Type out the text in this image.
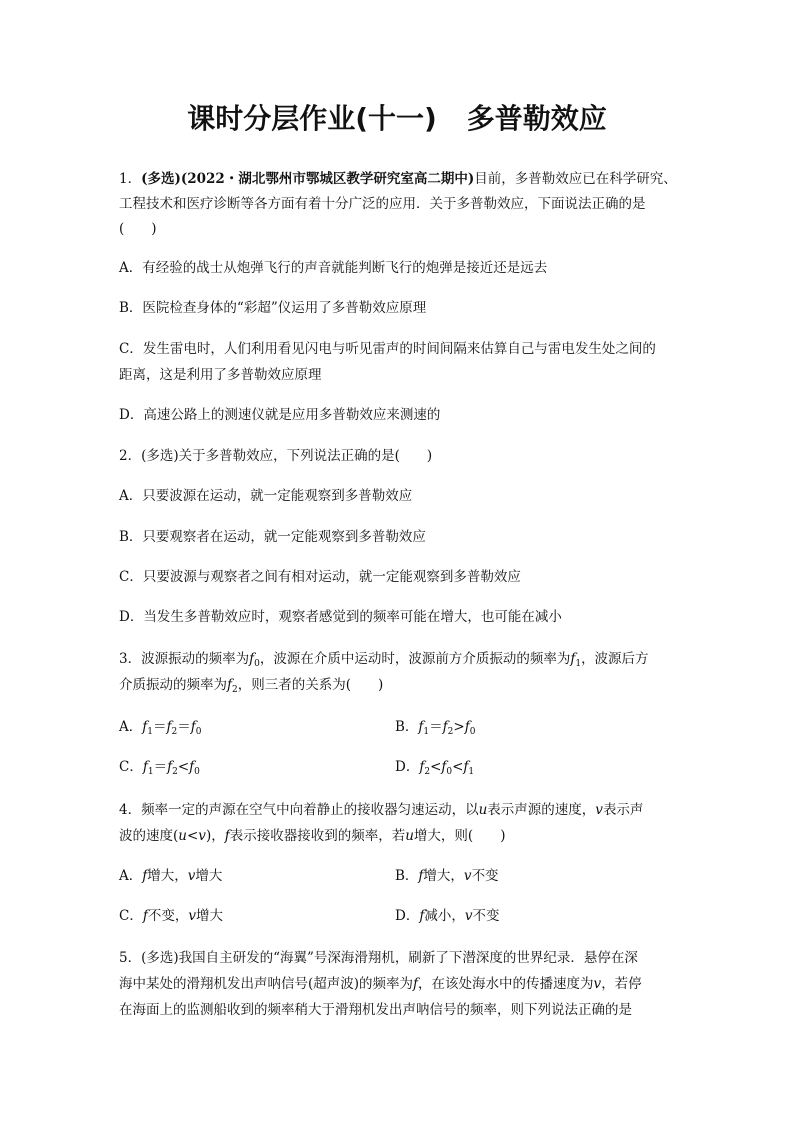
课时分层作业(十一) 多普勒效应
1．(多选)(2022・湖北鄂州市鄂城区教学研究室高二期中)目前，多普勒效应已在科学研究、
工程技术和医疗诊断等各方面有着十分广泛的应用．关于多普勒效应，下面说法正确的是
(　　)
A．有经验的战士从炮弹飞行的声音就能判断飞行的炮弹是接近还是远去
B．医院检查身体的“彩超”仪运用了多普勒效应原理
C．发生雷电时，人们利用看见闪电与听见雷声的时间间隔来估算自己与雷电发生处之间的
距离，这是利用了多普勒效应原理
D．高速公路上的测速仪就是应用多普勒效应来测速的
2．(多选)关于多普勒效应，下列说法正确的是(　　)
A．只要波源在运动，就一定能观察到多普勒效应
B．只要观察者在运动，就一定能观察到多普勒效应
C．只要波源与观察者之间有相对运动，就一定能观察到多普勒效应
D．当发生多普勒效应时，观察者感觉到的频率可能在增大，也可能在减小
3．波源振动的频率为$f_0$，波源在介质中运动时，波源前方介质振动的频率为$f_1$，波源后方
介质振动的频率为$f_2$，则三者的关系为(　　)
A．$f_1=f_2=f_0$	B．$f_1=f_2>f_0$
C．$f_1=f_2<f_0$	D．$f_2<f_0<f_1$
4．频率一定的声源在空气中向着静止的接收器匀速运动，以u表示声源的速度，v表示声
波的速度(u<v)，f表示接收器接收到的频率，若u增大，则(　　)
A．f增大，v增大	B．f增大，v不变
C．f不变，v增大	D．f减小，v不变
5．(多选)我国自主研发的“海翼”号深海滑翔机，刷新了下潜深度的世界纪录．悬停在深
海中某处的滑翔机发出声呐信号(超声波)的频率为f，在该处海水中的传播速度为v，若停
在海面上的监测船收到的频率稍大于滑翔机发出声呐信号的频率，则下列说法正确的是
